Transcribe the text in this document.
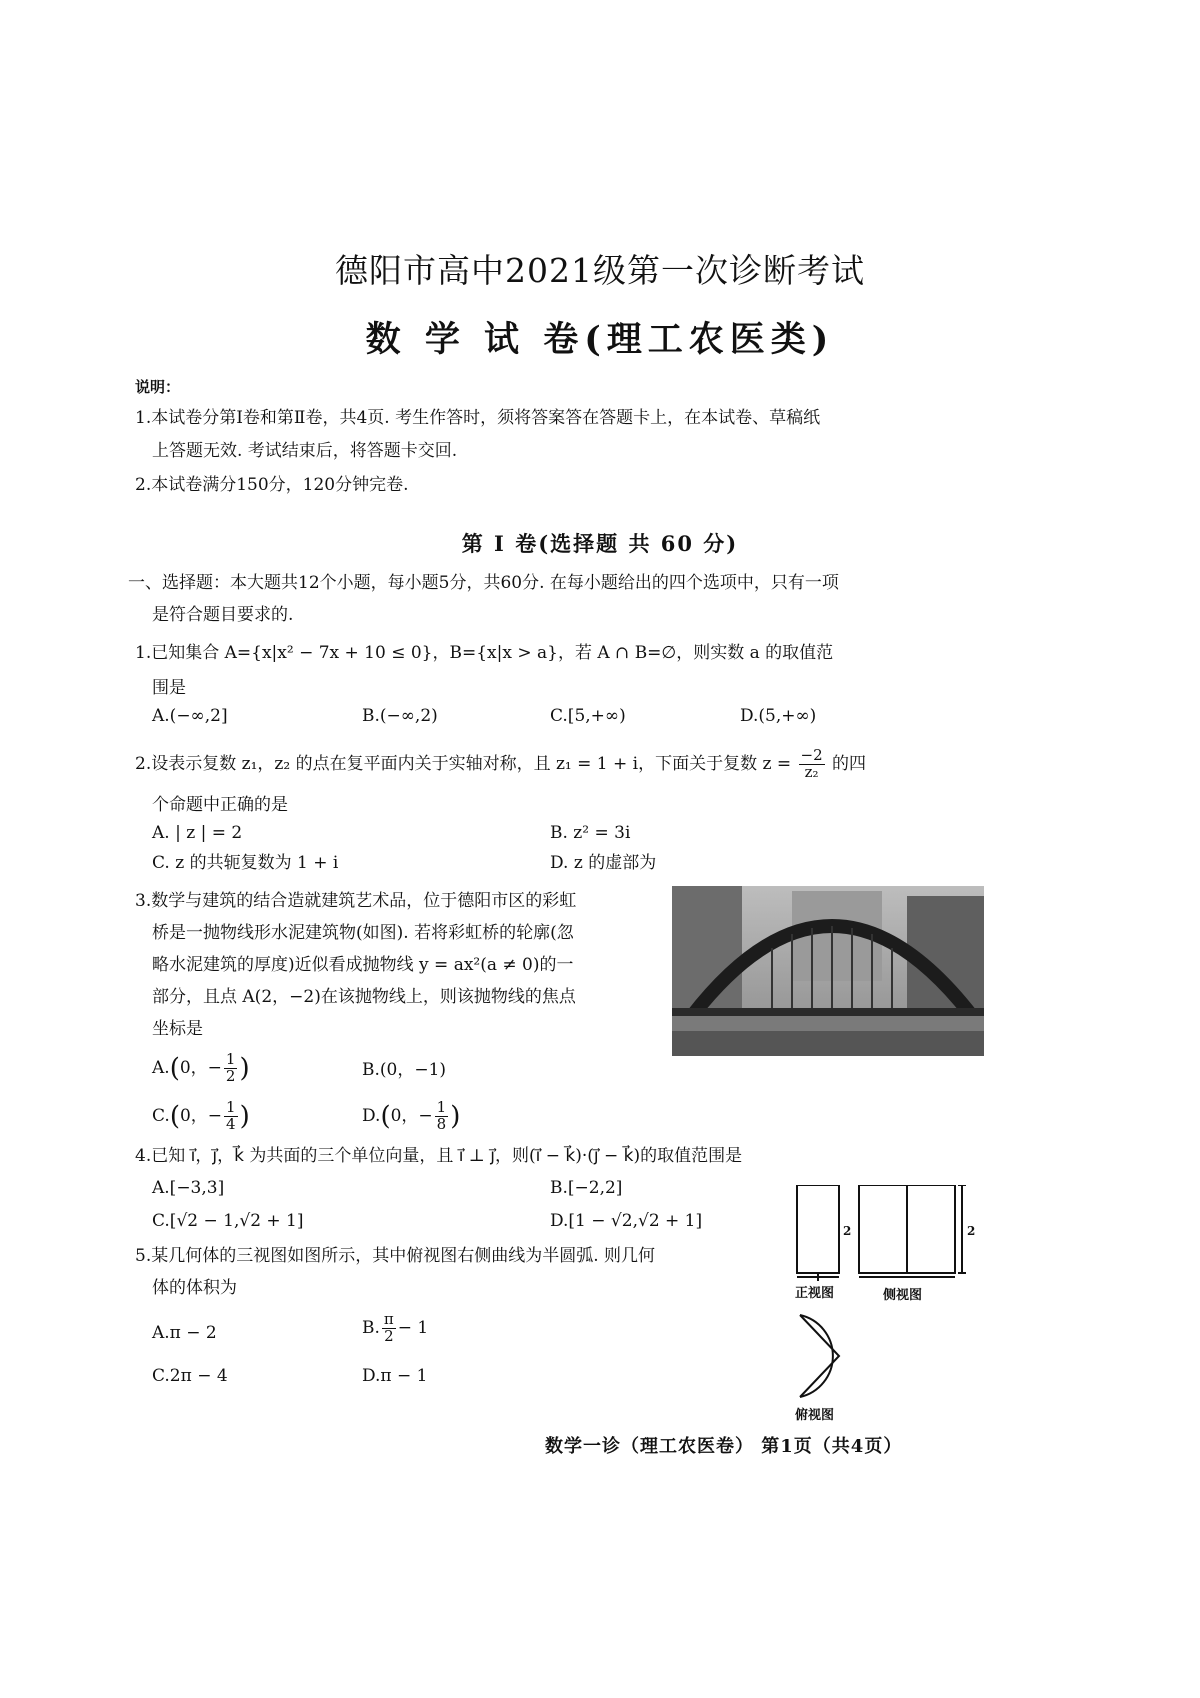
德阳市高中2021级第一次诊断考试
数 学 试 卷(理工农医类)
说明：
1.本试卷分第Ⅰ卷和第Ⅱ卷，共4页. 考生作答时，须将答案答在答题卡上，在本试卷、草稿纸
上答题无效. 考试结束后，将答题卡交回.
2.本试卷满分150分，120分钟完卷.
第 Ⅰ 卷(选择题 共 60 分)
一、选择题：本大题共12个小题，每小题5分，共60分. 在每小题给出的四个选项中，只有一项
是符合题目要求的.
1.已知集合 A={x|x² − 7x + 10 ≤ 0}，B={x|x > a}，若 A ∩ B=∅，则实数 a 的取值范
围是
A.(−∞,2]	B.(−∞,2)	C.[5,+∞)	D.(5,+∞)
2.设表示复数 z₁，z₂ 的点在复平面内关于实轴对称，且 z₁ = 1 + i，下面关于复数 $z = \frac{-2}{\text{z₂}}$ 的四
个命题中正确的是
A. | z | = 2	B. z² = 3i
C. z 的共轭复数为 1 + i	D. z 的虚部为
3.数学与建筑的结合造就建筑艺术品，位于德阳市区的彩虹
桥是一抛物线形水泥建筑物(如图). 若将彩虹桥的轮廓(忽
略水泥建筑的厚度)近似看成抛物线 y = ax²(a ≠ 0)的一
部分，且点 A(2，−2)在该抛物线上，则该抛物线的焦点
坐标是
A.(0，− $\frac{1}{2}$ )	B.(0，−1)
C.(0，− $\frac{1}{4}$ )	D.(0，− $\frac{1}{8}$ )
4.已知 i⃗，j⃗，k⃗ 为共面的三个单位向量，且 i⃗ ⊥ j⃗，则(i⃗ − k⃗)·(j⃗ − k⃗)的取值范围是
A.[−3,3]	B.[−2,2]
C.[√2 − 1,√2 + 1]	D.[1 − √2,√2 + 1]
5.某几何体的三视图如图所示，其中俯视图右侧曲线为半圆弧. 则几何
体的体积为
A.π − 2	B. $\frac{\pi}{2} - 1$
C.2π − 4	D.π − 1
2	2
正视图	侧视图
俯视图
数学一诊（理工农医卷） 第1页（共4页）
